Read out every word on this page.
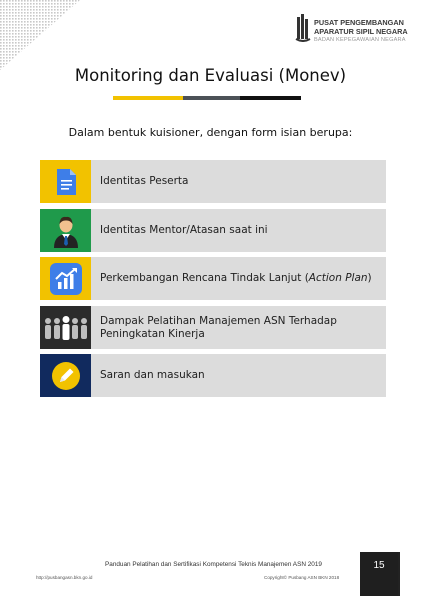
PUSAT PENGEMBANGAN
APARATUR SIPIL NEGARA
BADAN KEPEGAWAIAN NEGARA
Monitoring dan Evaluasi (Monev)
Dalam bentuk kuisioner, dengan form isian berupa:
Identitas Peserta
Identitas Mentor/Atasan saat ini
Perkembangan Rencana Tindak Lanjut ( Action Plan )
Dampak Pelatihan Manajemen ASN Terhadap Peningkatan Kinerja
Saran dan masukan
Panduan Pelatihan dan Sertifikasi Kompetensi Teknis Manajemen ASN 2019	15
http://pusbangasn.bkn.go.id	Copyright© Pusbang ASN BKN 2018
